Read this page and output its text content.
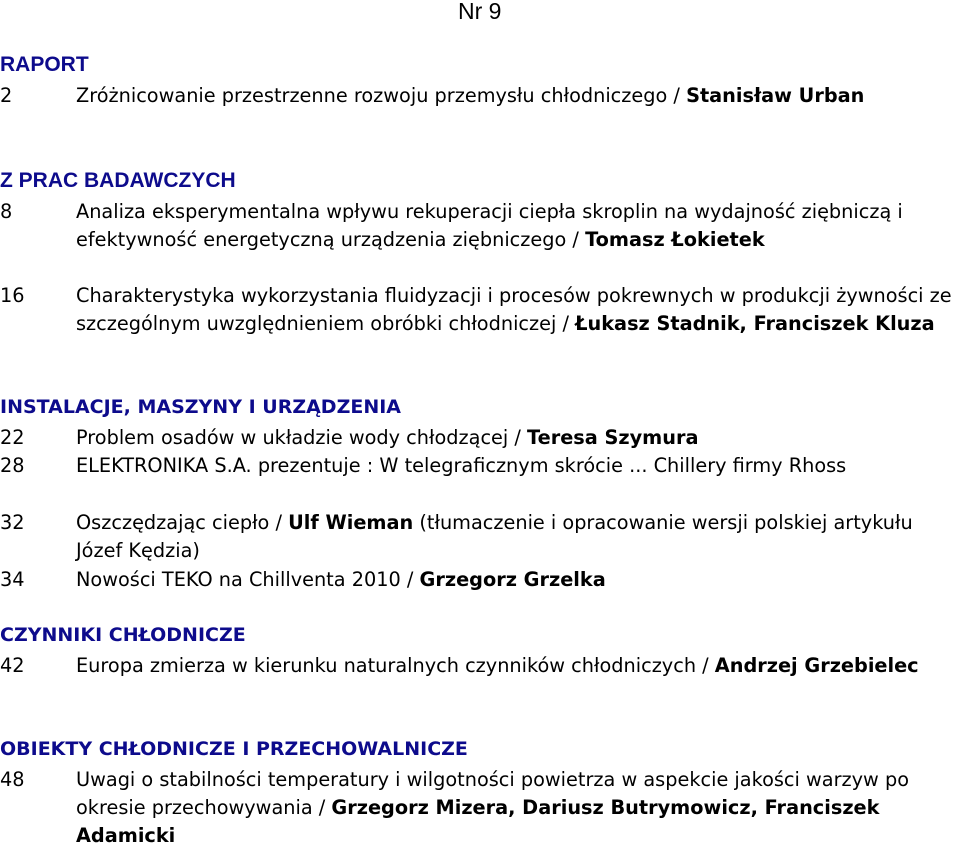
Nr 9
RAPORT
2	Zróżnicowanie przestrzenne rozwoju przemysłu chłodniczego / Stanisław Urban
Z PRAC BADAWCZYCH
8	Analiza eksperymentalna wpływu rekuperacji ciepła skroplin na wydajność ziębniczą i efektywność energetyczną urządzenia ziębniczego / Tomasz Łokietek
16	Charakterystyka wykorzystania fluidyzacji i procesów pokrewnych w produkcji żywności ze szczególnym uwzględnieniem obróbki chłodniczej / Łukasz Stadnik, Franciszek Kluza
INSTALACJE, MASZYNY I URZĄDZENIA
22	Problem osadów w układzie wody chłodzącej / Teresa Szymura
28	ELEKTRONIKA S.A. prezentuje : W telegraficznym skrócie ... Chillery firmy Rhoss
32	Oszczędzając ciepło / Ulf Wieman (tłumaczenie i opracowanie wersji polskiej artykułu Józef Kędzia)
34	Nowości TEKO na Chillventa 2010 / Grzegorz Grzelka
CZYNNIKI CHŁODNICZE
42	Europa zmierza w kierunku naturalnych czynników chłodniczych / Andrzej Grzebielec
OBIEKTY CHŁODNICZE I PRZECHOWALNICZE
48	Uwagi o stabilności temperatury i wilgotności powietrza w aspekcie jakości warzyw po okresie przechowywania / Grzegorz Mizera, Dariusz Butrymowicz, Franciszek Adamicki
